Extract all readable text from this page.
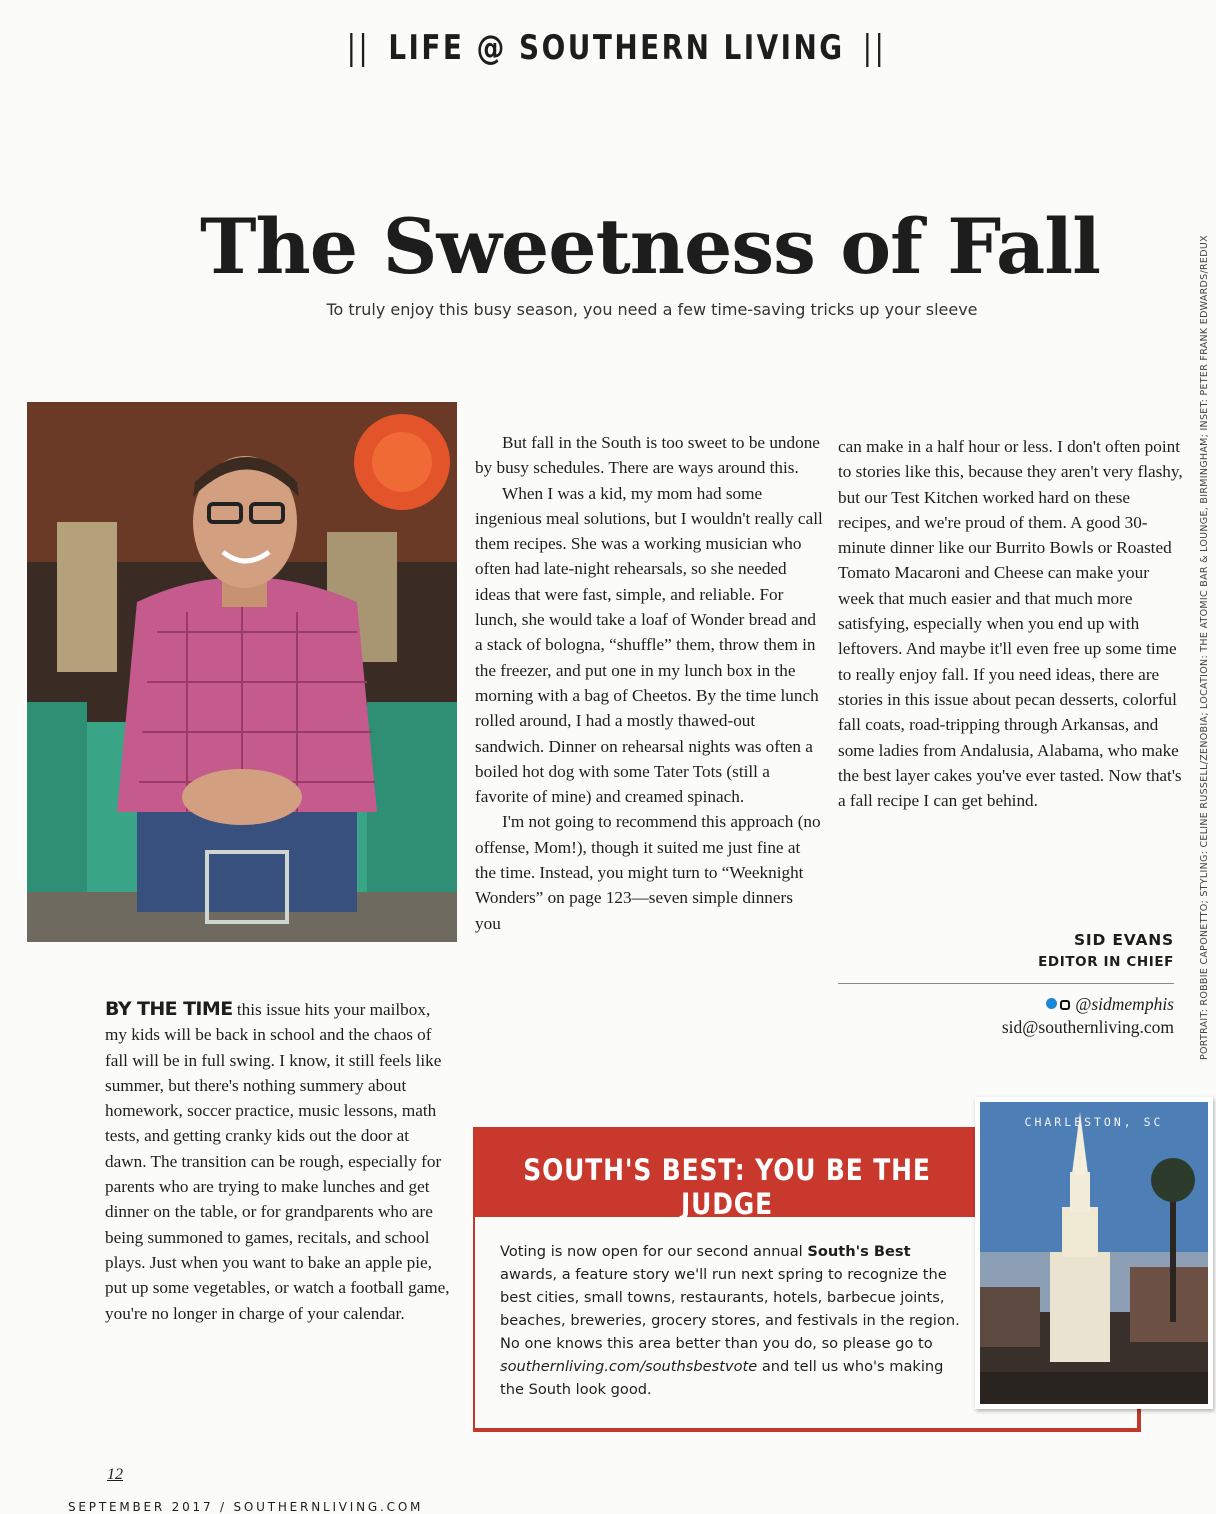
|| LIFE @ SOUTHERN LIVING ||
The Sweetness of Fall
To truly enjoy this busy season, you need a few time-saving tricks up your sleeve	PORTRAIT: ROBBIE CAPONETTO; STYLING: CELINE RUSSELL/ZENOBIA; LOCATION: THE ATOMIC BAR & LOUNGE, BIRMINGHAM; INSET: PETER FRANK EDWARDS/REDUX

BY THE TIME this issue hits your mailbox, my kids will be back in school and the chaos of fall will be in full swing. I know, it still feels like summer, but there's nothing summery about homework, soccer practice, music lessons, math tests, and getting cranky kids out the door at dawn. The transition can be rough, especially for parents who are trying to make lunches and get dinner on the table, or for grandparents who are being summoned to games, recitals, and school plays. Just when you want to bake an apple pie, put up some vegetables, or watch a football game, you're no longer in charge of your calendar.

But fall in the South is too sweet to be undone by busy schedules. There are ways around this.

When I was a kid, my mom had some ingenious meal solutions, but I wouldn't really call them recipes. She was a working musician who often had late-night rehearsals, so she needed ideas that were fast, simple, and reliable. For lunch, she would take a loaf of Wonder bread and a stack of bologna, “shuffle” them, throw them in the freezer, and put one in my lunch box in the morning with a bag of Cheetos. By the time lunch rolled around, I had a mostly thawed-out sandwich. Dinner on rehearsal nights was often a boiled hot dog with some Tater Tots (still a favorite of mine) and creamed spinach.

I'm not going to recommend this approach (no offense, Mom!), though it suited me just fine at the time. Instead, you might turn to “Weeknight Wonders” on page 123—seven simple dinners you

can make in a half hour or less. I don't often point to stories like this, because they aren't very flashy, but our Test Kitchen worked hard on these recipes, and we're proud of them. A good 30-minute dinner like our Burrito Bowls or Roasted Tomato Macaroni and Cheese can make your week that much easier and that much more satisfying, especially when you end up with leftovers. And maybe it'll even free up some time to really enjoy fall. If you need ideas, there are stories in this issue about pecan desserts, colorful fall coats, road-tripping through Arkansas, and some ladies from Andalusia, Alabama, who make the best layer cakes you've ever tasted. Now that's a fall recipe I can get behind.

SID EVANS
EDITOR IN CHIEF
@sidmemphis
sid@southernliving.com
SOUTH'S BEST: YOU BE THE JUDGE
Voting is now open for our second annual South's Best awards, a feature story we'll run next spring to recognize the best cities, small towns, restaurants, hotels, barbecue joints, beaches, breweries, grocery stores, and festivals in the region. No one knows this area better than you do, so please go to southernliving.com/southsbestvote and tell us who's making the South look good.
CHARLESTON, SC
12
SEPTEMBER 2017 / SOUTHERNLIVING.COM
